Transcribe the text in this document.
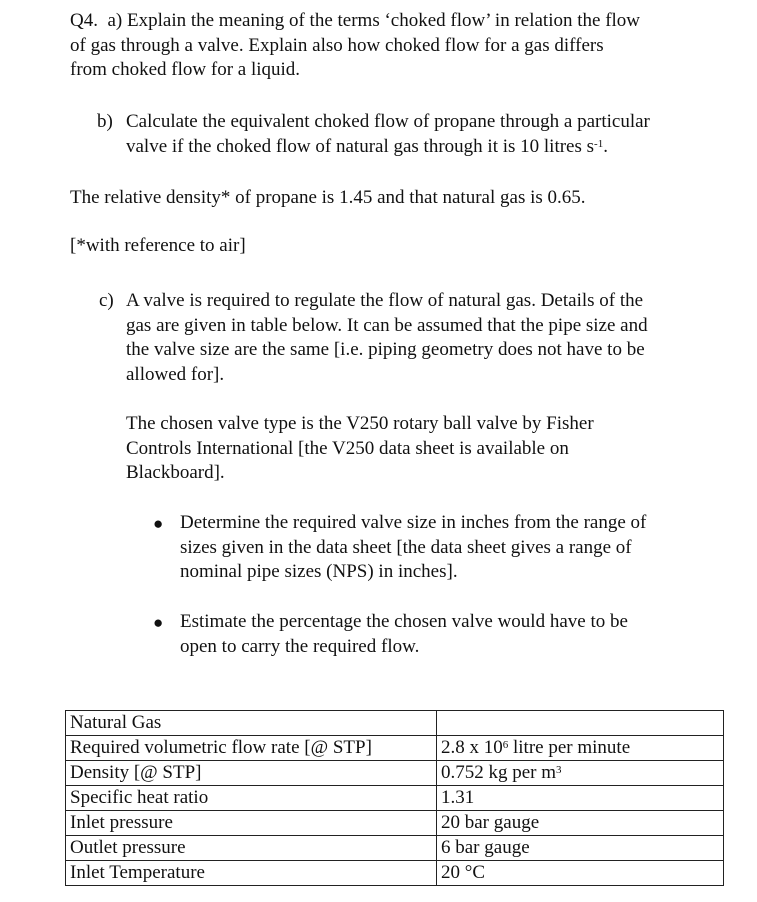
Q4. a) Explain the meaning of the terms ‘choked flow’ in relation the flow
of gas through a valve. Explain also how choked flow for a gas differs
from choked flow for a liquid.
b) Calculate the equivalent choked flow of propane through a particular
valve if the choked flow of natural gas through it is 10 litres $s^{-1}$.
The relative density* of propane is 1.45 and that natural gas is 0.65.
[*with reference to air]
c) A valve is required to regulate the flow of natural gas. Details of the
gas are given in table below. It can be assumed that the pipe size and
the valve size are the same [i.e. piping geometry does not have to be
allowed for].
The chosen valve type is the V250 rotary ball valve by Fisher
Controls International [the V250 data sheet is available on
Blackboard].
● Determine the required valve size in inches from the range of
sizes given in the data sheet [the data sheet gives a range of
nominal pipe sizes (NPS) in inches].
● Estimate the percentage the chosen valve would have to be
open to carry the required flow.
Natural Gas	
Required volumetric flow rate [@ STP]	2.8 x $10^6$ litre per minute
Density [@ STP]	0.752 kg per $m^3$
Specific heat ratio	1.31
Inlet pressure	20 bar gauge
Outlet pressure	6 bar gauge
Inlet Temperature	20 °C
